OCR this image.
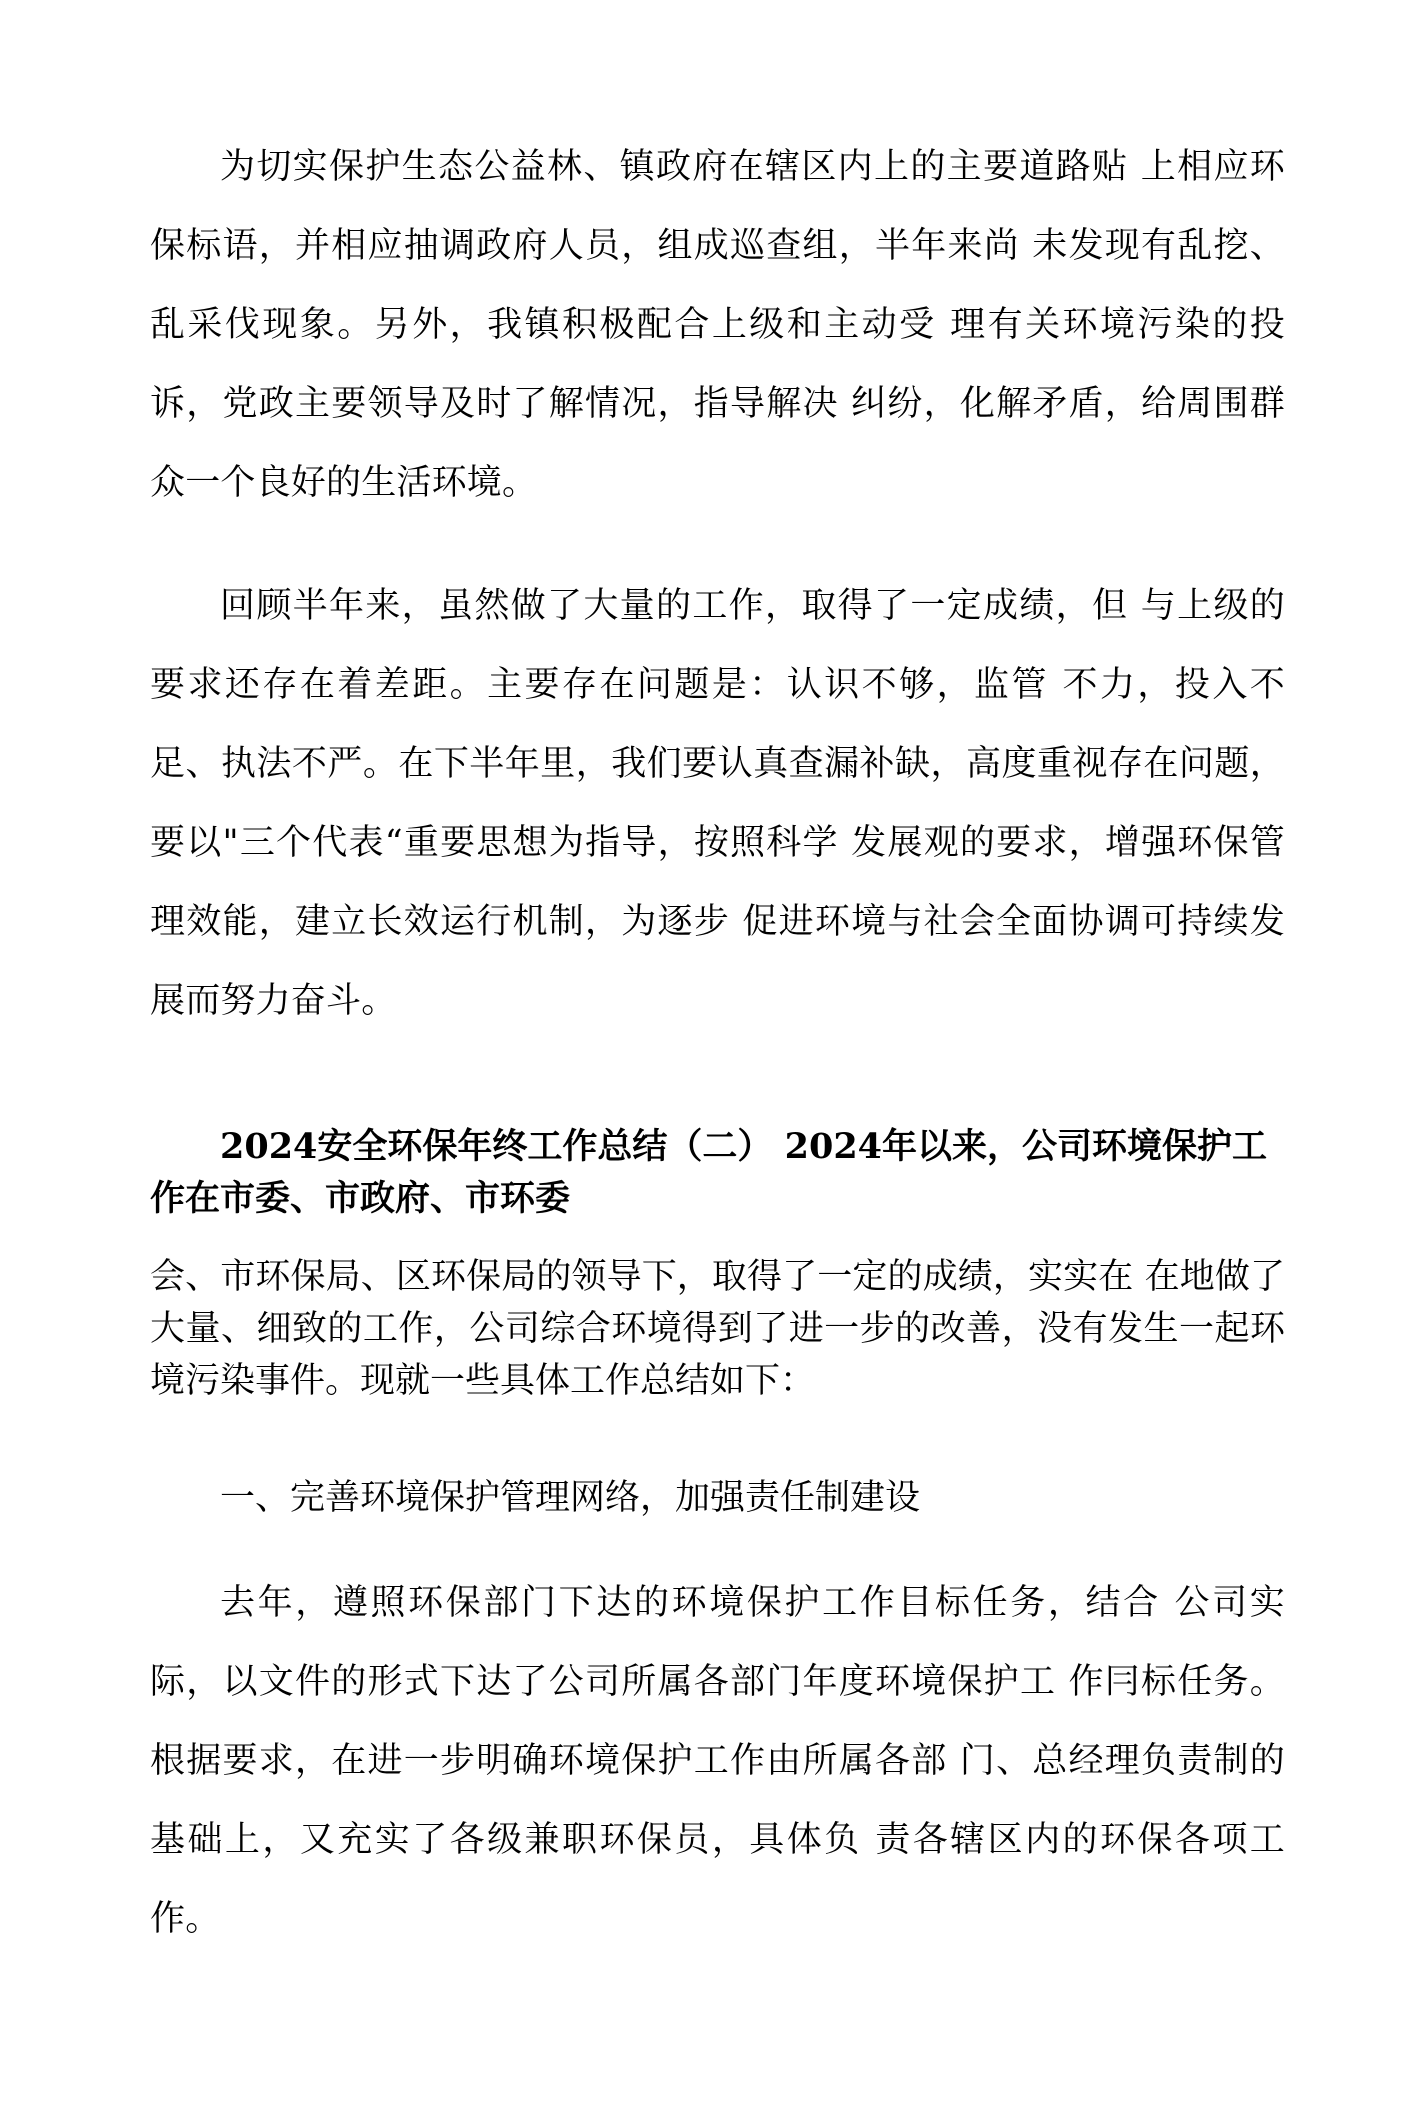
为切实保护生态公益林、镇政府在辖区内上的主要道路贴 上相应环保标语，并相应抽调政府人员，组成巡查组，半年来尚 未发现有乱挖、乱采伐现象。另外，我镇积极配合上级和主动受 理有关环境污染的投诉，党政主要领导及时了解情况，指导解决 纠纷，化解矛盾，给周围群众一个良好的生活环境。

回顾半年来，虽然做了大量的工作，取得了一定成绩，但 与上级的要求还存在着差距。主要存在问题是：认识不够，监管 不力，投入不足、执法不严。在下半年里，我们要认真查漏补缺，高度重视存在问题，要以"三个代表“重要思想为指导，按照科学 发展观的要求，增强环保管理效能，建立长效运行机制，为逐步 促进环境与社会全面协调可持续发展而努力奋斗。

2024安全环保年终工作总结（二） 2024年以来，公司环境保护工作在市委、市政府、市环委

会、市环保局、区环保局的领导下，取得了一定的成绩，实实在 在地做了大量、细致的工作，公司综合环境得到了进一步的改善，没有发生一起环境污染事件。现就一些具体工作总结如下：

一、完善环境保护管理网络，加强责任制建设

去年，遵照环保部门下达的环境保护工作目标任务，结合 公司实际，以文件的形式下达了公司所属各部门年度环境保护工 作冃标任务。根据要求，在进一步明确环境保护工作由所属各部 门、总经理负责制的基础上，又充实了各级兼职环保员，具体负 责各辖区内的环保各项工作。
